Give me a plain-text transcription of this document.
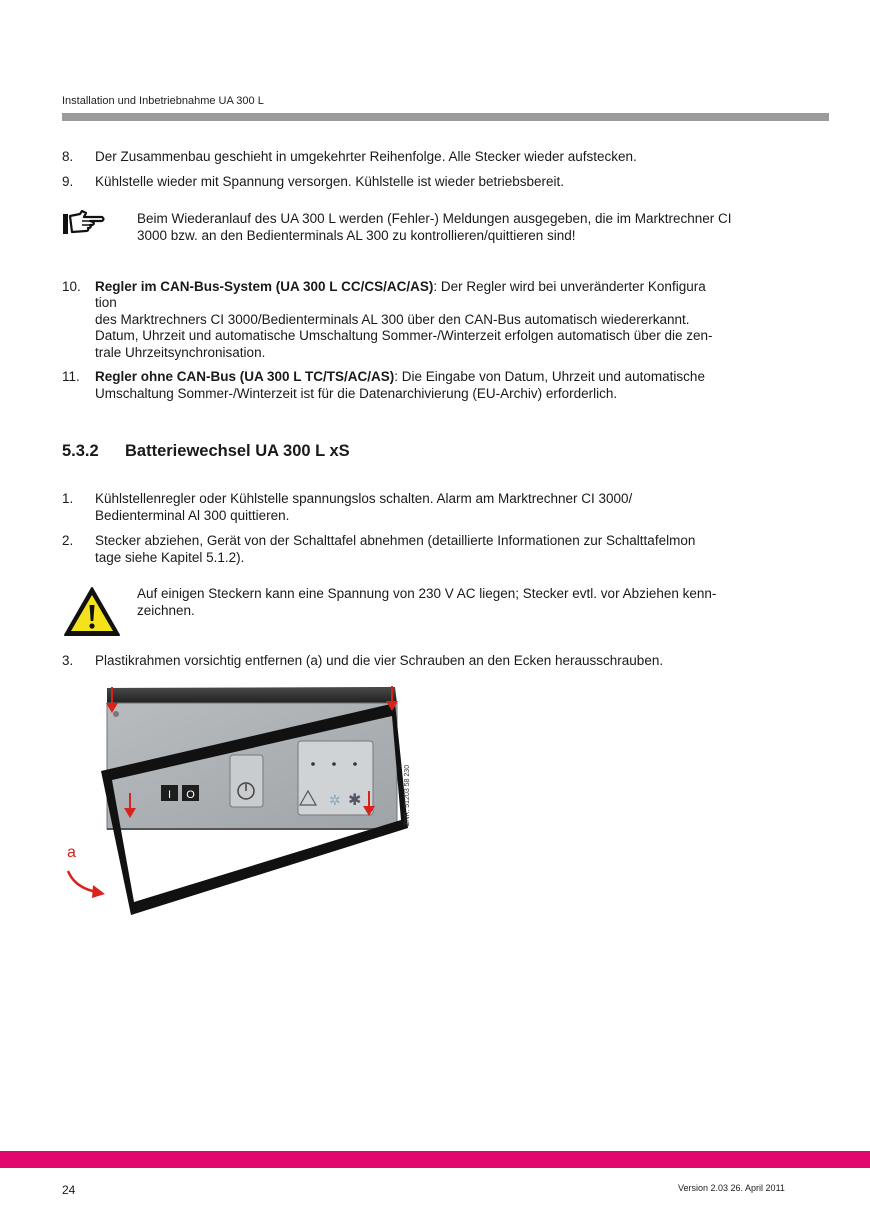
Installation und Inbetriebnahme UA 300 L
8. Der Zusammenbau geschieht in umgekehrter Reihenfolge. Alle Stecker wieder aufstecken.
9. Kühlstelle wieder mit Spannung versorgen. Kühlstelle ist wieder betriebsbereit.
Beim Wiederanlauf des UA 300 L werden (Fehler-) Meldungen ausgegeben, die im Marktrechner CI
3000 bzw. an den Bedienterminals AL 300 zu kontrollieren/quittieren sind!
10. Regler im CAN-Bus-System (UA 300 L CC/CS/AC/AS): Der Regler wird bei unveränderter Konfigura
tion
des Marktrechners CI 3000/Bedienterminals AL 300 über den CAN-Bus automatisch wiedererkannt.
Datum, Uhrzeit und automatische Umschaltung Sommer-/Winterzeit erfolgen automatisch über die zen-
trale Uhrzeitsynchronisation.
11. Regler ohne CAN-Bus (UA 300 L TC/TS/AC/AS): Die Eingabe von Datum, Uhrzeit und automatische
Umschaltung Sommer-/Winterzeit ist für die Datenarchivierung (EU-Archiv) erforderlich.
5.3.2 Batteriewechsel UA 300 L xS
1. Kühlstellenregler oder Kühlstelle spannungslos schalten. Alarm am Marktrechner CI 3000/
Bedienterminal Al 300 quittieren.
2. Stecker abziehen, Gerät von der Schalttafel abnehmen (detaillierte Informationen zur Schalttafelmon
tage siehe Kapitel 5.1.2).
Auf einigen Steckern kann eine Spannung von 230 V AC liegen; Stecker evtl. vor Abziehen kenn-
zeichnen.
3. Plastikrahmen vorsichtig entfernen (a) und die vier Schrauben an den Ecken herausschrauben.
✲ ✱
I O
a
ZNR. 51203 58 230
24	Version 2.03 26. April 2011
